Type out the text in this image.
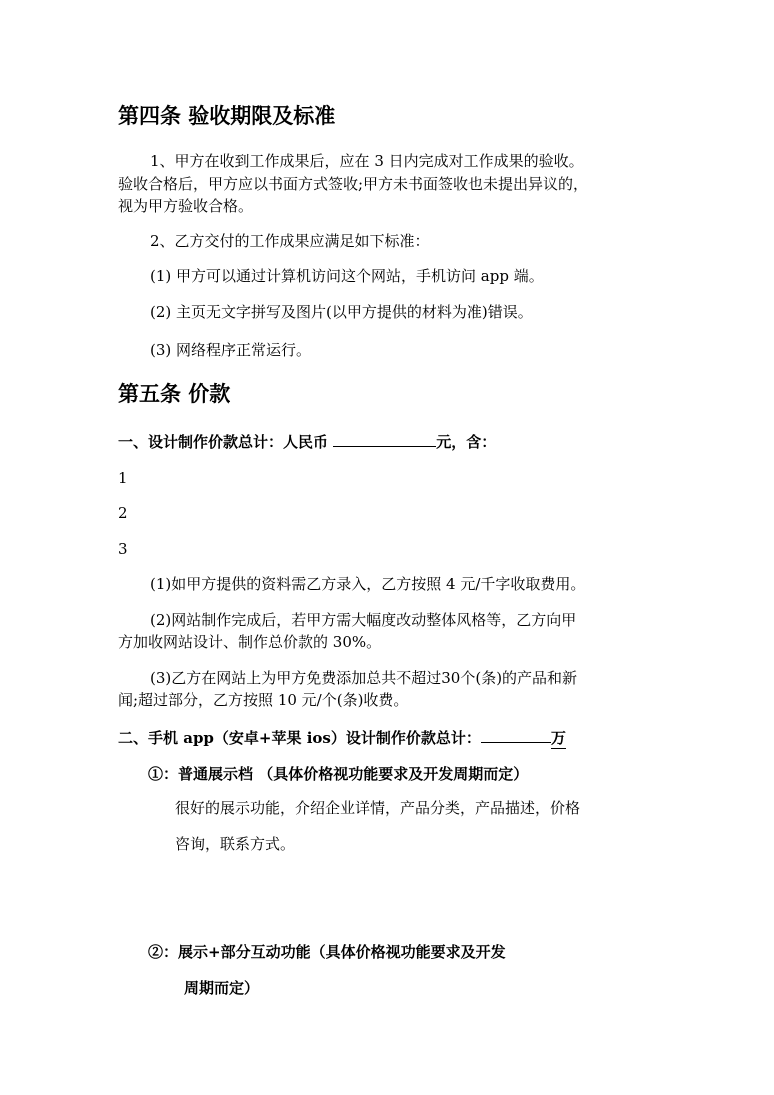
第四条 验收期限及标准
1、甲方在收到工作成果后，应在 3 日内完成对工作成果的验收。
验收合格后，甲方应以书面方式签收;甲方未书面签收也未提出异议的，
视为甲方验收合格。
2、乙方交付的工作成果应满足如下标准：
(1) 甲方可以通过计算机访问这个网站，手机访问 app 端。
(2) 主页无文字拼写及图片(以甲方提供的材料为准)错误。
(3) 网络程序正常运行。
第五条 价款
一、设计制作价款总计：人民币	元，含：
1
2
3
(1)如甲方提供的资料需乙方录入，乙方按照 4 元/千字收取费用。
(2)网站制作完成后，若甲方需大幅度改动整体风格等，乙方向甲
方加收网站设计、制作总价款的 30%。
(3)乙方在网站上为甲方免费添加总共不超过30个(条)的产品和新
闻;超过部分，乙方按照 10 元/个(条)收费。
二、手机 app（安卓+苹果 ios）设计制作价款总计：	万
①：普通展示档 （具体价格视功能要求及开发周期而定）
很好的展示功能，介绍企业详情，产品分类，产品描述，价格
咨询，联系方式。
②：展示+部分互动功能（具体价格视功能要求及开发
周期而定）
